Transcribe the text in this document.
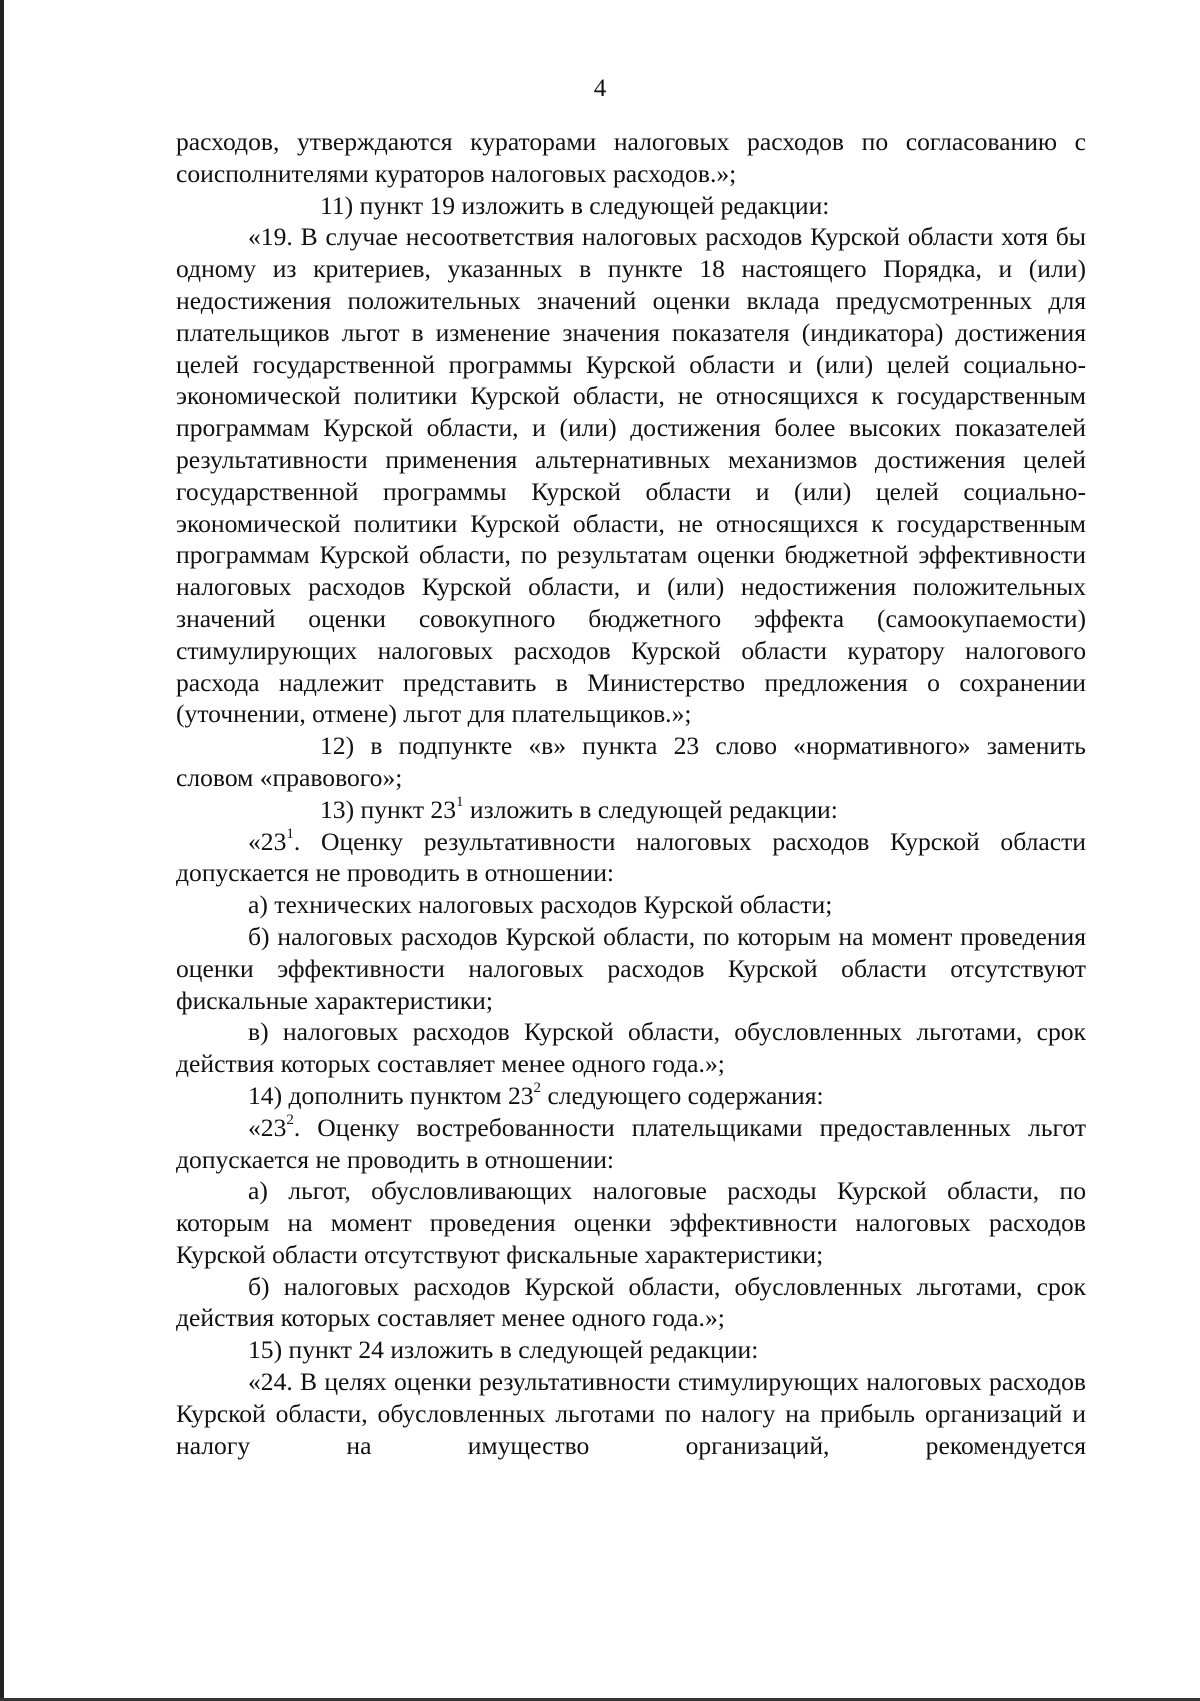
4

расходов, утверждаются кураторами налоговых расходов по согласованию с соисполнителями кураторов налоговых расходов.»;

11) пункт 19 изложить в следующей редакции:

«19. В случае несоответствия налоговых расходов Курской области хотя бы одному из критериев, указанных в пункте 18 настоящего Порядка, и (или) недостижения положительных значений оценки вклада предусмотренных для плательщиков льгот в изменение значения показателя (индикатора) достижения целей государственной программы Курской области и (или) целей социально-экономической политики Курской области, не относящихся к государственным программам Курской области, и (или) достижения более высоких показателей результативности применения альтернативных механизмов достижения целей государственной программы Курской области и (или) целей социально-экономической политики Курской области, не относящихся к государственным программам Курской области, по результатам оценки бюджетной эффективности налоговых расходов Курской области, и (или) недостижения положительных значений оценки совокупного бюджетного эффекта (самоокупаемости) стимулирующих налоговых расходов Курской области куратору налогового расхода надлежит представить в Министерство предложения о сохранении (уточнении, отмене) льгот для плательщиков.»;

12) в подпункте «в» пункта 23 слово «нормативного» заменить словом «правового»;

13) пункт $23^1$ изложить в следующей редакции:

«$23^1$. Оценку результативности налоговых расходов Курской области допускается не проводить в отношении:

а) технических налоговых расходов Курской области;

б) налоговых расходов Курской области, по которым на момент проведения оценки эффективности налоговых расходов Курской области отсутствуют фискальные характеристики;

в) налоговых расходов Курской области, обусловленных льготами, срок действия которых составляет менее одного года.»;

14) дополнить пунктом $23^2$ следующего содержания:

«$23^2$. Оценку востребованности плательщиками предоставленных льгот допускается не проводить в отношении:

а) льгот, обусловливающих налоговые расходы Курской области, по которым на момент проведения оценки эффективности налоговых расходов Курской области отсутствуют фискальные характеристики;

б) налоговых расходов Курской области, обусловленных льготами, срок действия которых составляет менее одного года.»;

15) пункт 24 изложить в следующей редакции:

«24. В целях оценки результативности стимулирующих налоговых расходов Курской области, обусловленных льготами по налогу на прибыль организаций и налогу на имущество организаций, рекомендуется
